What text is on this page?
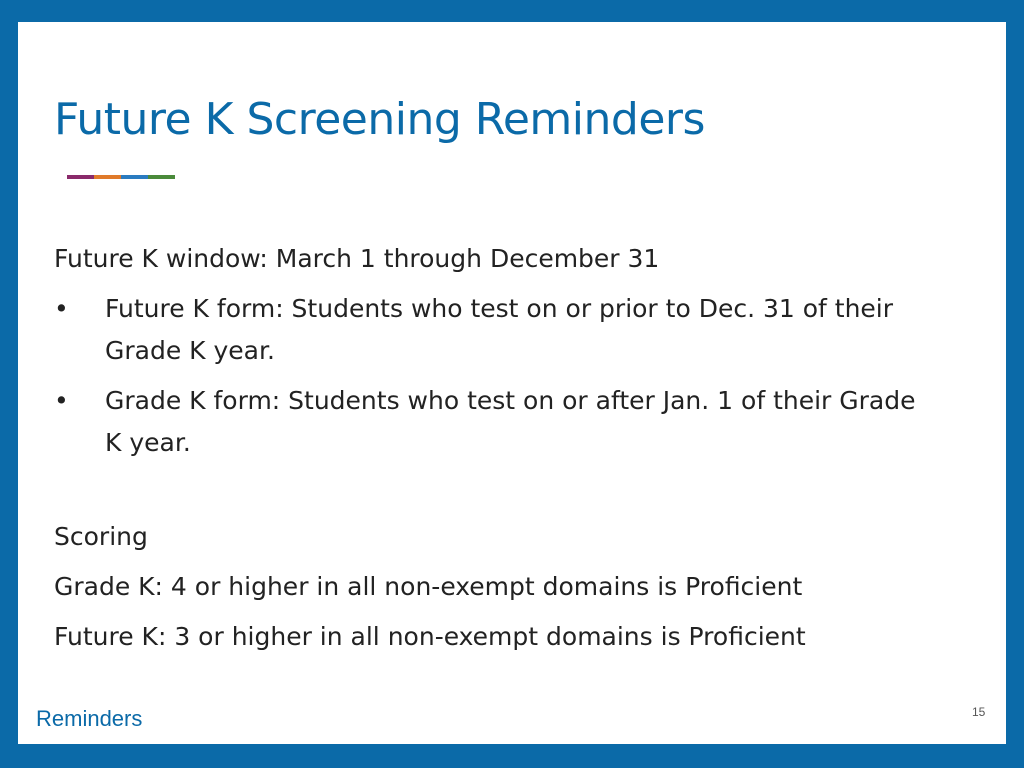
Future K Screening Reminders

Future K window: March 1 through December 31

•	Future K form: Students who test on or prior to Dec. 31 of their Grade K year.
•	Grade K form: Students who test on or after Jan. 1 of their Grade K year.

Scoring

Grade K: 4 or higher in all non-exempt domains is Proficient

Future K: 3 or higher in all non-exempt domains is Proficient

Reminders	15
